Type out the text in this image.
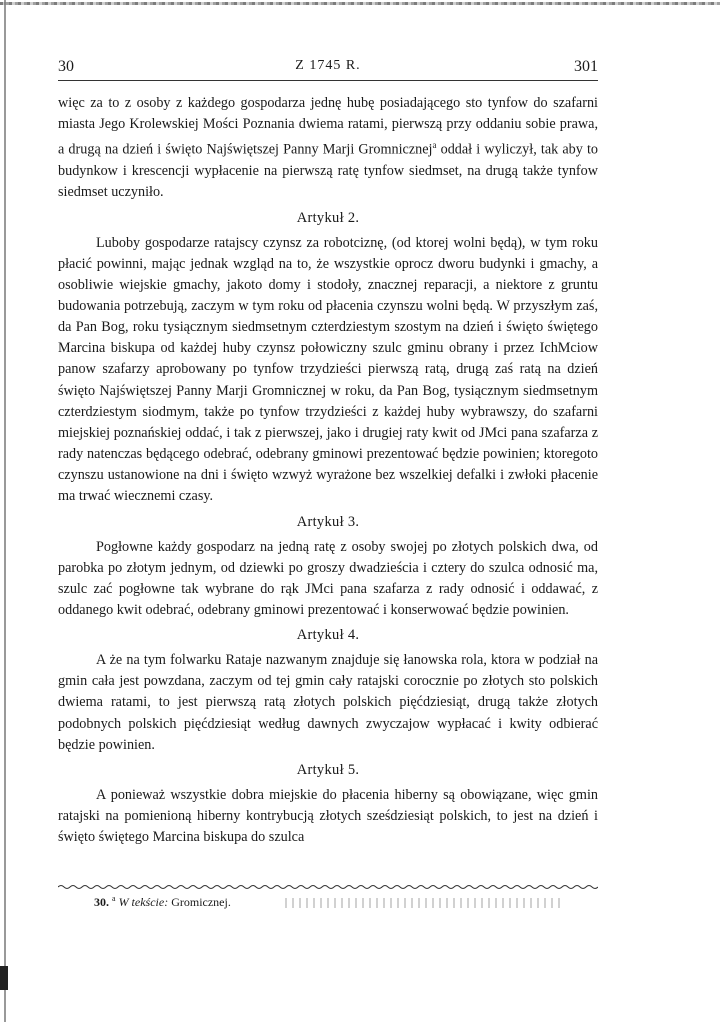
30	Z 1745 R.	301

więc za to z osoby z każdego gospodarza jednę hubę posiadającego sto tynfow do szafarni miasta Jego Krolewskiej Mości Poznania dwiema ratami, pierwszą przy oddaniu sobie prawa, a drugą na dzień i święto Najświętszej Panny Marji Gromnicznej$^a$ oddał i wyliczył, tak aby to budynkow i krescencji wypłacenie na pierwszą ratę tynfow siedmset, na drugą także tynfow siedmset uczyniło.

Artykuł 2.

Luboby gospodarze ratajscy czynsz za robotciznę, (od ktorej wolni będą), w tym roku płacić powinni, mając jednak wzgląd na to, że wszystkie oprocz dworu budynki i gmachy, a osobliwie wiejskie gmachy, jakoto domy i stodoły, znacznej reparacji, a niektore z gruntu budowania potrzebują, zaczym w tym roku od płacenia czynszu wolni będą. W przyszłym zaś, da Pan Bog, roku tysiącznym siedmsetnym czterdziestym szostym na dzień i święto świętego Marcina biskupa od każdej huby czynsz połowiczny szulc gminu obrany i przez IchMciow panow szafarzy aprobowany po tynfow trzydzieści pierwszą ratą, drugą zaś ratą na dzień święto Najświętszej Panny Marji Gromnicznej w roku, da Pan Bog, tysiącznym siedmsetnym czterdziestym siodmym, także po tynfow trzydzieści z każdej huby wybrawszy, do szafarni miejskiej poznańskiej oddać, i tak z pierwszej, jako i drugiej raty kwit od JMci pana szafarza z rady natenczas będącego odebrać, odebrany gminowi prezentować będzie powinien; ktoregoto czynszu ustanowione na dni i święto wzwyż wyrażone bez wszelkiej defalki i zwłoki płacenie ma trwać wiecznemi czasy.

Artykuł 3.

Pogłowne każdy gospodarz na jedną ratę z osoby swojej po złotych polskich dwa, od parobka po złotym jednym, od dziewki po groszy dwadzieścia i cztery do szulca odnosić ma, szulc zać pogłowne tak wybrane do rąk JMci pana szafarza z rady odnosić i oddawać, z oddanego kwit odebrać, odebrany gminowi prezentować i konserwować będzie powinien.

Artykuł 4.

A że na tym folwarku Rataje nazwanym znajduje się łanowska rola, ktora w podział na gmin cała jest powzdana, zaczym od tej gmin cały ratajski corocznie po złotych sto polskich dwiema ratami, to jest pierwszą ratą złotych polskich pięćdziesiąt, drugą także złotych podobnych polskich pięćdziesiąt według dawnych zwyczajow wypłacać i kwity odbierać będzie powinien.

Artykuł 5.

A ponieważ wszystkie dobra miejskie do płacenia hiberny są obowiązane, więc gmin ratajski na pomienioną hiberny kontrybucją złotych sześdziesiąt polskich, to jest na dzień i święto świętego Marcina biskupa do szulca

30. $^a$ W tekście: Gromicznej.
